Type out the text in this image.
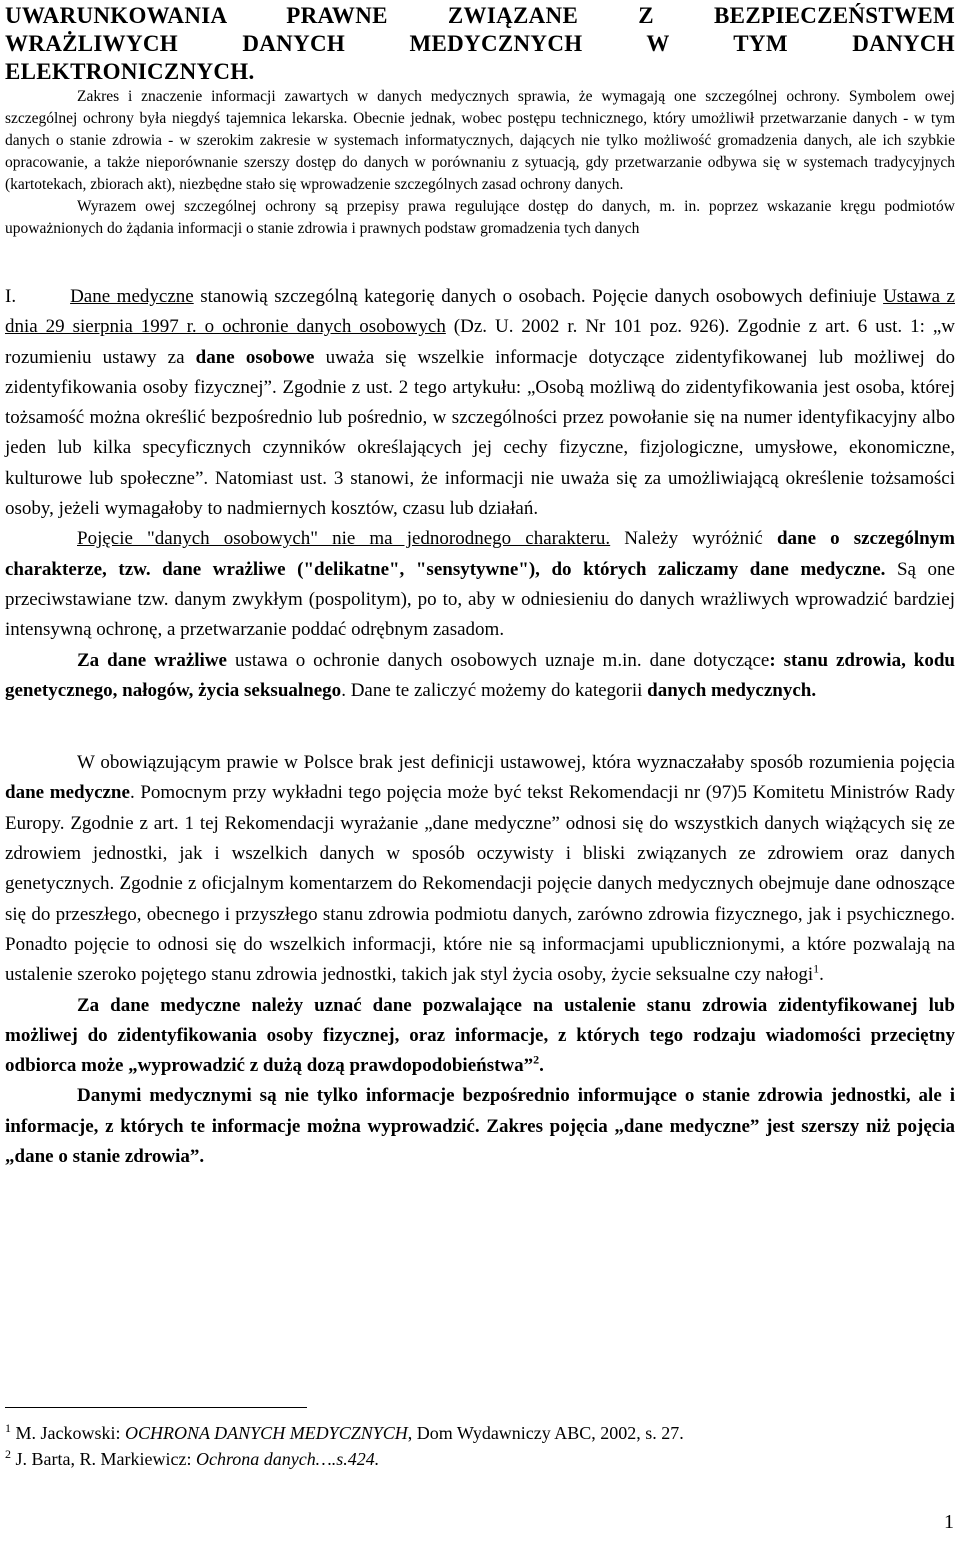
UWARUNKOWANIA PRAWNE ZWIĄZANE Z BEZPIECZEŃSTWEM
WRAŻLIWYCH DANYCH MEDYCZNYCH W TYM DANYCH
ELEKTRONICZNYCH.

Zakres i znaczenie informacji zawartych w danych medycznych sprawia, że wymagają one szczególnej ochrony. Symbolem owej szczególnej ochrony była niegdyś tajemnica lekarska. Obecnie jednak, wobec postępu technicznego, który umożliwił przetwarzanie danych - w tym danych o stanie zdrowia - w szerokim zakresie w systemach informatycznych, dających nie tylko możliwość gromadzenia danych, ale ich szybkie opracowanie, a także nieporównanie szerszy dostęp do danych w porównaniu z sytuacją, gdy przetwarzanie odbywa się w systemach tradycyjnych (kartotekach, zbiorach akt), niezbędne stało się wprowadzenie szczególnych zasad ochrony danych.

Wyrazem owej szczególnej ochrony są przepisy prawa regulujące dostęp do danych, m. in. poprzez wskazanie kręgu podmiotów upoważnionych do żądania informacji o stanie zdrowia i prawnych podstaw gromadzenia tych danych

I.	Dane medyczne stanowią szczególną kategorię danych o osobach. Pojęcie danych osobowych definiuje Ustawa z dnia 29 sierpnia 1997 r. o ochronie danych osobowych (Dz. U. 2002 r. Nr 101 poz. 926). Zgodnie z art. 6 ust. 1: „w rozumieniu ustawy za dane osobowe uważa się wszelkie informacje dotyczące zidentyfikowanej lub możliwej do zidentyfikowania osoby fizycznej”. Zgodnie z ust. 2 tego artykułu: „Osobą możliwą do zidentyfikowania jest osoba, której tożsamość można określić bezpośrednio lub pośrednio, w szczególności przez powołanie się na numer identyfikacyjny albo jeden lub kilka specyficznych czynników określających jej cechy fizyczne, fizjologiczne, umysłowe, ekonomiczne, kulturowe lub społeczne”. Natomiast ust. 3 stanowi, że informacji nie uważa się za umożliwiającą określenie tożsamości osoby, jeżeli wymagałoby to nadmiernych kosztów, czasu lub działań.

Pojęcie "danych osobowych" nie ma jednorodnego charakteru. Należy wyróżnić dane o szczególnym charakterze, tzw. dane wrażliwe ("delikatne", "sensytywne"), do których zaliczamy dane medyczne. Są one przeciwstawiane tzw. danym zwykłym (pospolitym), po to, aby w odniesieniu do danych wrażliwych wprowadzić bardziej intensywną ochronę, a przetwarzanie poddać odrębnym zasadom.

Za dane wrażliwe ustawa o ochronie danych osobowych uznaje m.in. dane dotyczące: stanu zdrowia, kodu genetycznego, nałogów, życia seksualnego. Dane te zaliczyć możemy do kategorii danych medycznych.

W obowiązującym prawie w Polsce brak jest definicji ustawowej, która wyznaczałaby sposób rozumienia pojęcia dane medyczne. Pomocnym przy wykładni tego pojęcia może być tekst Rekomendacji nr (97)5 Komitetu Ministrów Rady Europy. Zgodnie z art. 1 tej Rekomendacji wyrażanie „dane medyczne” odnosi się do wszystkich danych wiążących się ze zdrowiem jednostki, jak i wszelkich danych w sposób oczywisty i bliski związanych ze zdrowiem oraz danych genetycznych. Zgodnie z oficjalnym komentarzem do Rekomendacji pojęcie danych medycznych obejmuje dane odnoszące się do przeszłego, obecnego i przyszłego stanu zdrowia podmiotu danych, zarówno zdrowia fizycznego, jak i psychicznego. Ponadto pojęcie to odnosi się do wszelkich informacji, które nie są informacjami upublicznionymi, a które pozwalają na ustalenie szeroko pojętego stanu zdrowia jednostki, takich jak styl życia osoby, życie seksualne czy nałogi$^1$.

Za dane medyczne należy uznać dane pozwalające na ustalenie stanu zdrowia zidentyfikowanej lub możliwej do zidentyfikowania osoby fizycznej, oraz informacje, z których tego rodzaju wiadomości przeciętny odbiorca może „wyprowadzić z dużą dozą prawdopodobieństwa”$^2$.

Danymi medycznymi są nie tylko informacje bezpośrednio informujące o stanie zdrowia jednostki, ale i informacje, z których te informacje można wyprowadzić. Zakres pojęcia „dane medyczne” jest szerszy niż pojęcia „dane o stanie zdrowia”.

$^1$ M. Jackowski: OCHRONA DANYCH MEDYCZNYCH, Dom Wydawniczy ABC, 2002, s. 27.
$^2$ J. Barta, R. Markiewicz: Ochrona danych….s.424.
1
